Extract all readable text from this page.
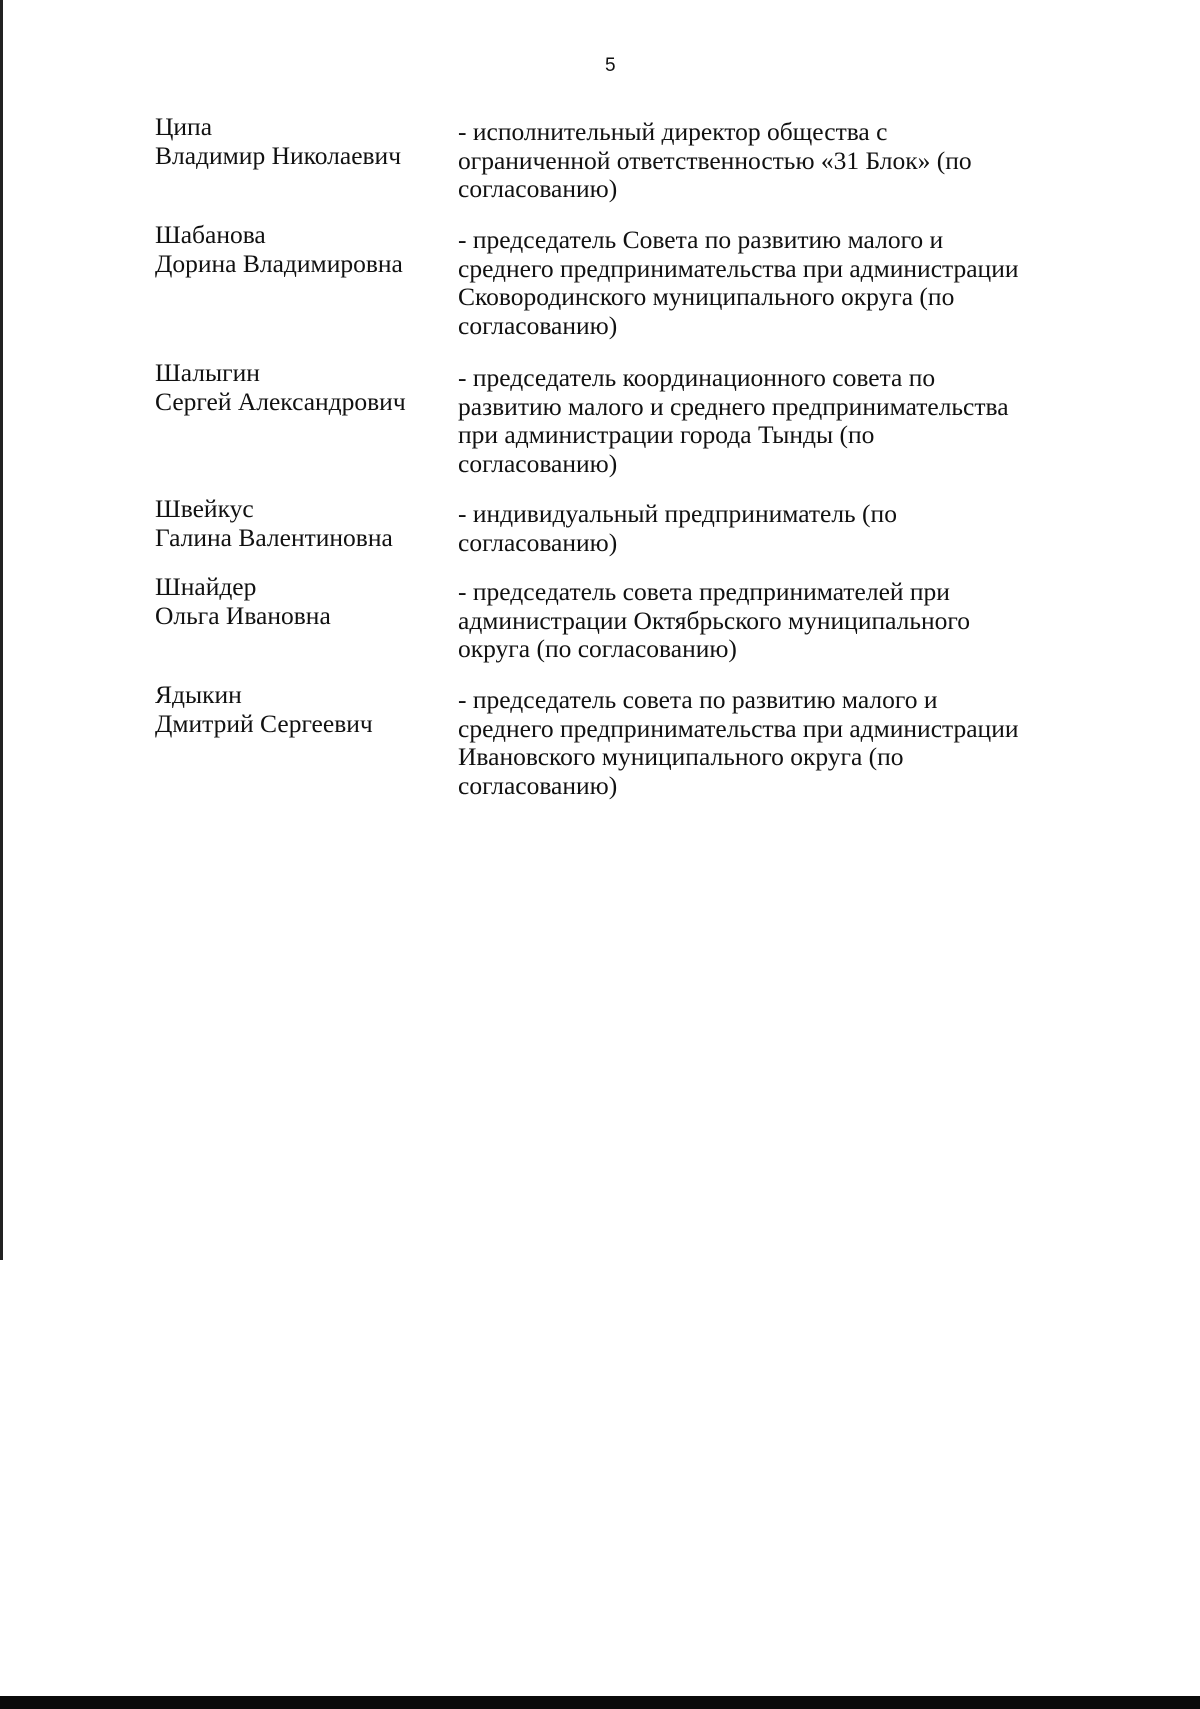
5
Ципа
Владимир Николаевич
- исполнительный директор общества с
ограниченной ответственностью «31 Блок» (по
согласованию)
Шабанова
Дорина Владимировна
- председатель Совета по развитию малого и
среднего предпринимательства при администрации
Сковородинского муниципального округа (по
согласованию)
Шалыгин
Сергей Александрович
- председатель координационного совета по
развитию малого и среднего предпринимательства
при администрации города Тынды (по
согласованию)
Швейкус
Галина Валентиновна
- индивидуальный предприниматель (по
согласованию)
Шнайдер
Ольга Ивановна
- председатель совета предпринимателей при
администрации Октябрьского муниципального
округа (по согласованию)
Ядыкин
Дмитрий Сергеевич
- председатель совета по развитию малого и
среднего предпринимательства при администрации
Ивановского муниципального округа (по
согласованию)
